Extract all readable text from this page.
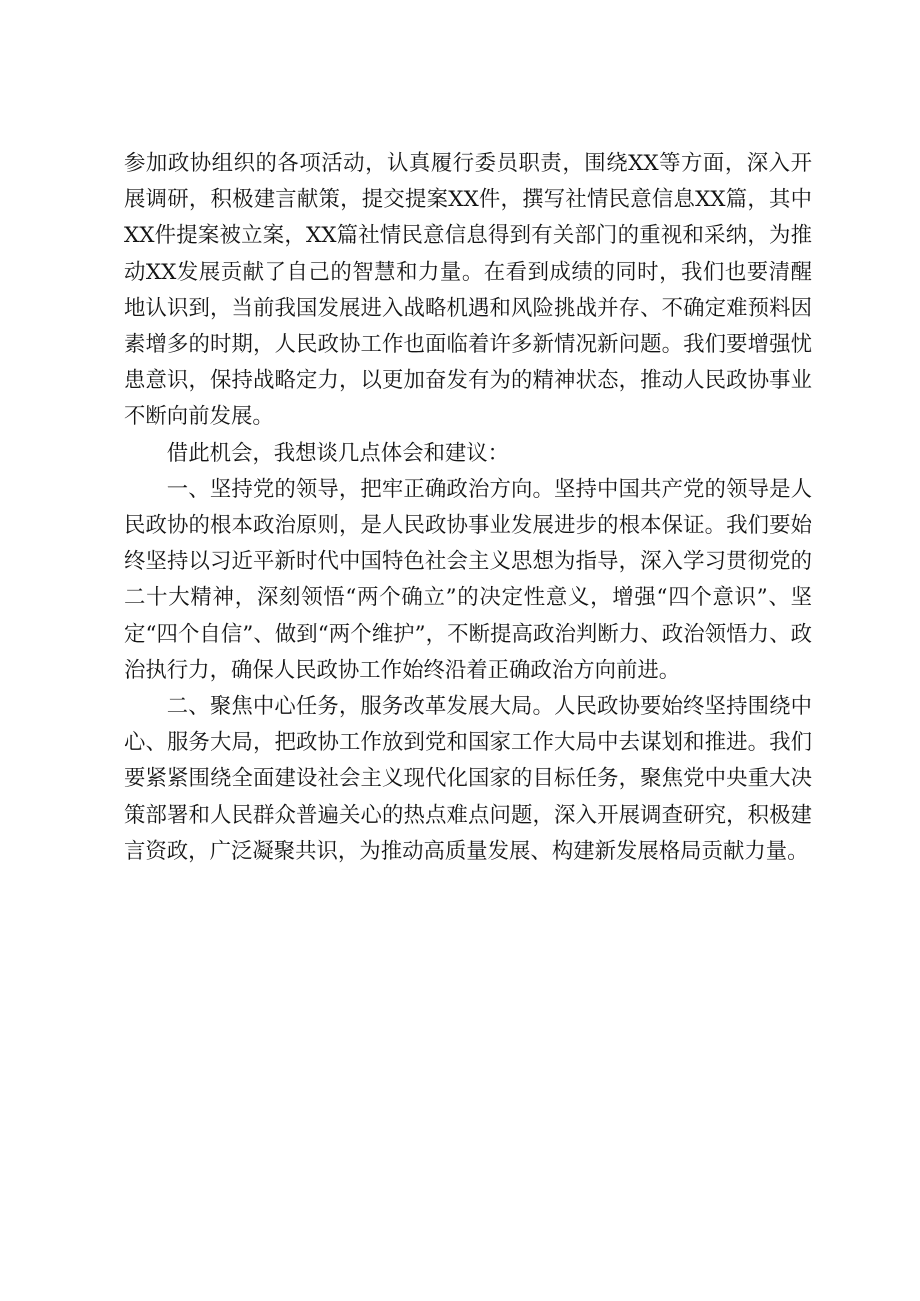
参加政协组织的各项活动，认真履行委员职责，围绕XX等方面，深入开展调研，积极建言献策，提交提案XX件，撰写社情民意信息XX篇，其中XX件提案被立案，XX篇社情民意信息得到有关部门的重视和采纳，为推动XX发展贡献了自己的智慧和力量。在看到成绩的同时，我们也要清醒地认识到，当前我国发展进入战略机遇和风险挑战并存、不确定难预料因素增多的时期，人民政协工作也面临着许多新情况新问题。我们要增强忧患意识，保持战略定力，以更加奋发有为的精神状态，推动人民政协事业不断向前发展。

借此机会，我想谈几点体会和建议：

一、坚持党的领导，把牢正确政治方向。坚持中国共产党的领导是人民政协的根本政治原则，是人民政协事业发展进步的根本保证。我们要始终坚持以习近平新时代中国特色社会主义思想为指导，深入学习贯彻党的二十大精神，深刻领悟“两个确立”的决定性意义，增强“四个意识”、坚定“四个自信”、做到“两个维护”，不断提高政治判断力、政治领悟力、政治执行力，确保人民政协工作始终沿着正确政治方向前进。

二、聚焦中心任务，服务改革发展大局。人民政协要始终坚持围绕中心、服务大局，把政协工作放到党和国家工作大局中去谋划和推进。我们要紧紧围绕全面建设社会主义现代化国家的目标任务，聚焦党中央重大决策部署和人民群众普遍关心的热点难点问题，深入开展调查研究，积极建言资政，广泛凝聚共识，为推动高质量发展、构建新发展格局贡献力量。
